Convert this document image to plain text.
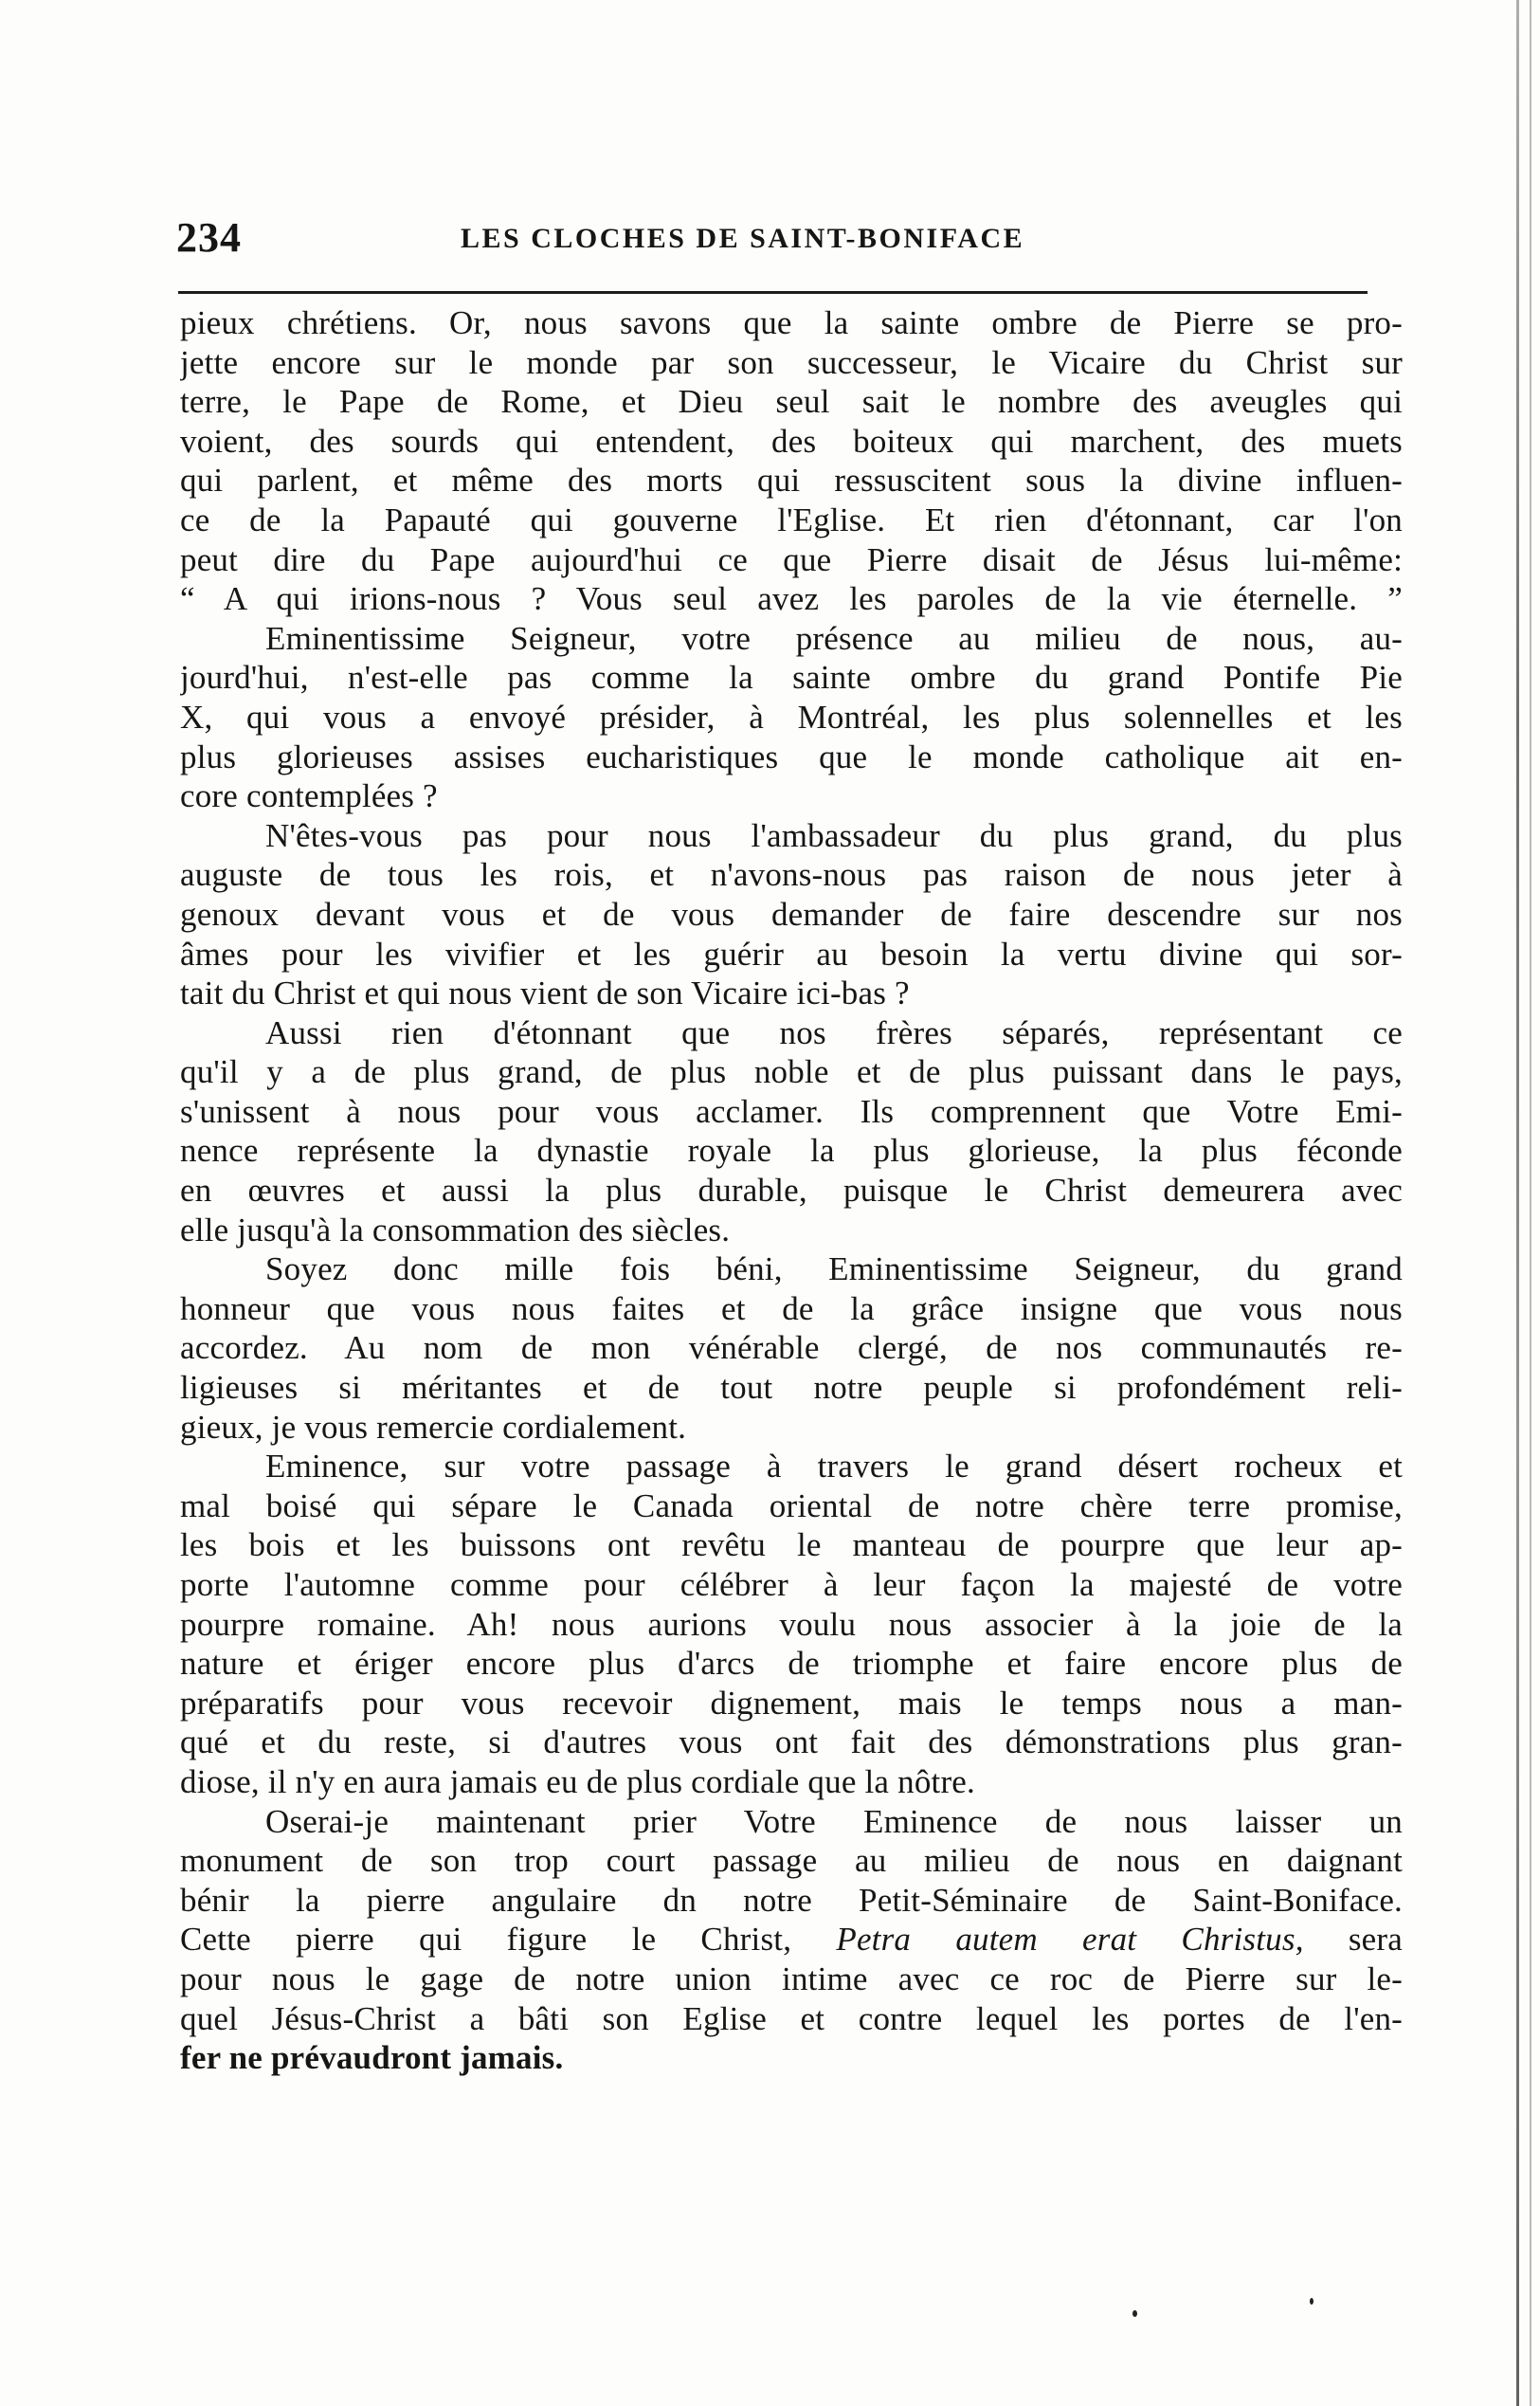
234	LES CLOCHES DE SAINT-BONIFACE
pieux chrétiens. Or, nous savons que la sainte ombre de Pierre se pro-
jette encore sur le monde par son successeur, le Vicaire du Christ sur
terre, le Pape de Rome, et Dieu seul sait le nombre des aveugles qui
voient, des sourds qui entendent, des boiteux qui marchent, des muets
qui parlent, et même des morts qui ressuscitent sous la divine influen-
ce de la Papauté qui gouverne l'Eglise. Et rien d'étonnant, car l'on
peut dire du Pape aujourd'hui ce que Pierre disait de Jésus lui-même:
“ A qui irions-nous ? Vous seul avez les paroles de la vie éternelle. ”
Eminentissime Seigneur, votre présence au milieu de nous, au-
jourd'hui, n'est-elle pas comme la sainte ombre du grand Pontife Pie
X, qui vous a envoyé présider, à Montréal, les plus solennelles et les
plus glorieuses assises eucharistiques que le monde catholique ait en-
core contemplées ?
N'êtes-vous pas pour nous l'ambassadeur du plus grand, du plus
auguste de tous les rois, et n'avons-nous pas raison de nous jeter à
genoux devant vous et de vous demander de faire descendre sur nos
âmes pour les vivifier et les guérir au besoin la vertu divine qui sor-
tait du Christ et qui nous vient de son Vicaire ici-bas ?
Aussi rien d'étonnant que nos frères séparés, représentant ce
qu'il y a de plus grand, de plus noble et de plus puissant dans le pays,
s'unissent à nous pour vous acclamer. Ils comprennent que Votre Emi-
nence représente la dynastie royale la plus glorieuse, la plus féconde
en œuvres et aussi la plus durable, puisque le Christ demeurera avec
elle jusqu'à la consommation des siècles.
Soyez donc mille fois béni, Eminentissime Seigneur, du grand
honneur que vous nous faites et de la grâce insigne que vous nous
accordez. Au nom de mon vénérable clergé, de nos communautés re-
ligieuses si méritantes et de tout notre peuple si profondément reli-
gieux, je vous remercie cordialement.
Eminence, sur votre passage à travers le grand désert rocheux et
mal boisé qui sépare le Canada oriental de notre chère terre promise,
les bois et les buissons ont revêtu le manteau de pourpre que leur ap-
porte l'automne comme pour célébrer à leur façon la majesté de votre
pourpre romaine. Ah! nous aurions voulu nous associer à la joie de la
nature et ériger encore plus d'arcs de triomphe et faire encore plus de
préparatifs pour vous recevoir dignement, mais le temps nous a man-
qué et du reste, si d'autres vous ont fait des démonstrations plus gran-
diose, il n'y en aura jamais eu de plus cordiale que la nôtre.
Oserai-je maintenant prier Votre Eminence de nous laisser un
monument de son trop court passage au milieu de nous en daignant
bénir la pierre angulaire dn notre Petit-Séminaire de Saint-Boniface.
Cette pierre qui figure le Christ, Petra autem erat Christus, sera
pour nous le gage de notre union intime avec ce roc de Pierre sur le-
quel Jésus-Christ a bâti son Eglise et contre lequel les portes de l'en-
fer ne prévaudront jamais.
